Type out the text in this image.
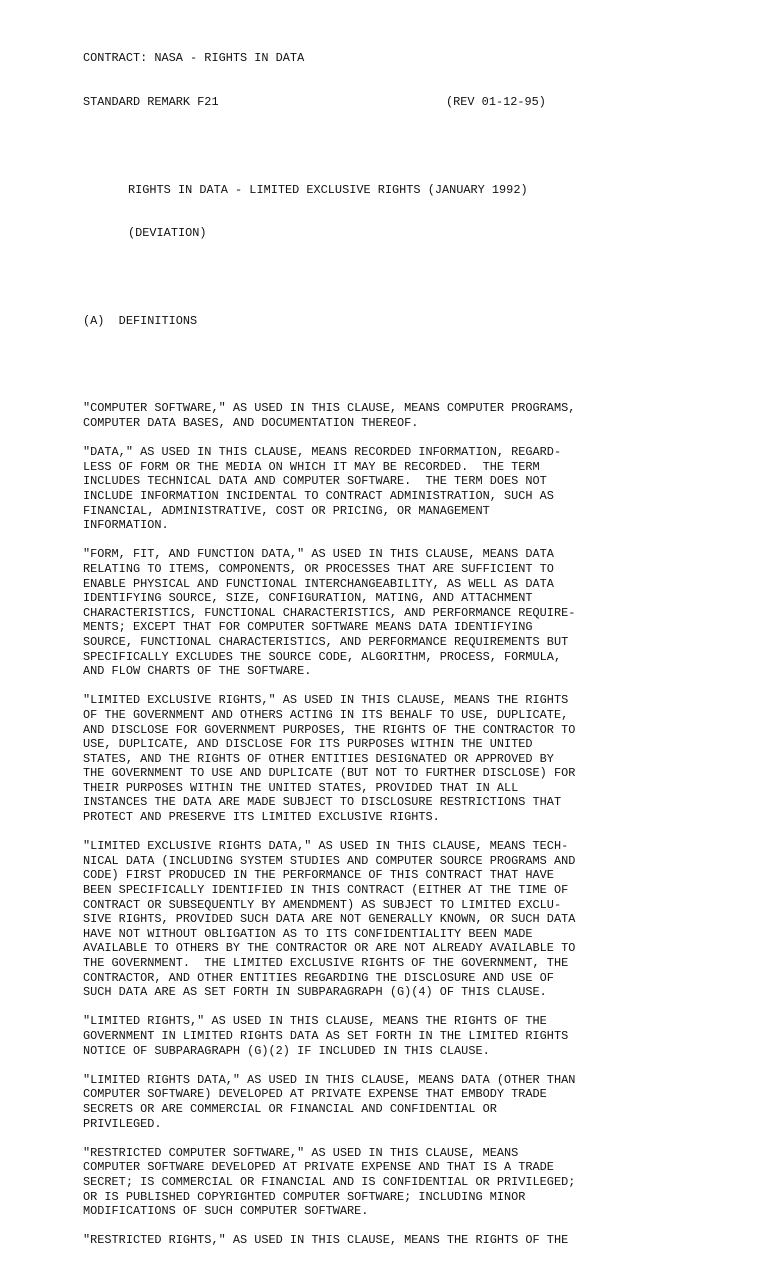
CONTRACT: NASA - RIGHTS IN DATA

STANDARD REMARK F21	(REV 01-12-95)

RIGHTS IN DATA - LIMITED EXCLUSIVE RIGHTS (JANUARY 1992)

(DEVIATION)

(A)  DEFINITIONS

"COMPUTER SOFTWARE," AS USED IN THIS CLAUSE, MEANS COMPUTER PROGRAMS,
COMPUTER DATA BASES, AND DOCUMENTATION THEREOF.
"DATA," AS USED IN THIS CLAUSE, MEANS RECORDED INFORMATION, REGARD-
LESS OF FORM OR THE MEDIA ON WHICH IT MAY BE RECORDED.  THE TERM
INCLUDES TECHNICAL DATA AND COMPUTER SOFTWARE.  THE TERM DOES NOT
INCLUDE INFORMATION INCIDENTAL TO CONTRACT ADMINISTRATION, SUCH AS
FINANCIAL, ADMINISTRATIVE, COST OR PRICING, OR MANAGEMENT
INFORMATION.
"FORM, FIT, AND FUNCTION DATA," AS USED IN THIS CLAUSE, MEANS DATA
RELATING TO ITEMS, COMPONENTS, OR PROCESSES THAT ARE SUFFICIENT TO
ENABLE PHYSICAL AND FUNCTIONAL INTERCHANGEABILITY, AS WELL AS DATA
IDENTIFYING SOURCE, SIZE, CONFIGURATION, MATING, AND ATTACHMENT
CHARACTERISTICS, FUNCTIONAL CHARACTERISTICS, AND PERFORMANCE REQUIRE-
MENTS; EXCEPT THAT FOR COMPUTER SOFTWARE MEANS DATA IDENTIFYING
SOURCE, FUNCTIONAL CHARACTERISTICS, AND PERFORMANCE REQUIREMENTS BUT
SPECIFICALLY EXCLUDES THE SOURCE CODE, ALGORITHM, PROCESS, FORMULA,
AND FLOW CHARTS OF THE SOFTWARE.
"LIMITED EXCLUSIVE RIGHTS," AS USED IN THIS CLAUSE, MEANS THE RIGHTS
OF THE GOVERNMENT AND OTHERS ACTING IN ITS BEHALF TO USE, DUPLICATE,
AND DISCLOSE FOR GOVERNMENT PURPOSES, THE RIGHTS OF THE CONTRACTOR TO
USE, DUPLICATE, AND DISCLOSE FOR ITS PURPOSES WITHIN THE UNITED
STATES, AND THE RIGHTS OF OTHER ENTITIES DESIGNATED OR APPROVED BY
THE GOVERNMENT TO USE AND DUPLICATE (BUT NOT TO FURTHER DISCLOSE) FOR
THEIR PURPOSES WITHIN THE UNITED STATES, PROVIDED THAT IN ALL
INSTANCES THE DATA ARE MADE SUBJECT TO DISCLOSURE RESTRICTIONS THAT
PROTECT AND PRESERVE ITS LIMITED EXCLUSIVE RIGHTS.
"LIMITED EXCLUSIVE RIGHTS DATA," AS USED IN THIS CLAUSE, MEANS TECH-
NICAL DATA (INCLUDING SYSTEM STUDIES AND COMPUTER SOURCE PROGRAMS AND
CODE) FIRST PRODUCED IN THE PERFORMANCE OF THIS CONTRACT THAT HAVE
BEEN SPECIFICALLY IDENTIFIED IN THIS CONTRACT (EITHER AT THE TIME OF
CONTRACT OR SUBSEQUENTLY BY AMENDMENT) AS SUBJECT TO LIMITED EXCLU-
SIVE RIGHTS, PROVIDED SUCH DATA ARE NOT GENERALLY KNOWN, OR SUCH DATA
HAVE NOT WITHOUT OBLIGATION AS TO ITS CONFIDENTIALITY BEEN MADE
AVAILABLE TO OTHERS BY THE CONTRACTOR OR ARE NOT ALREADY AVAILABLE TO
THE GOVERNMENT.  THE LIMITED EXCLUSIVE RIGHTS OF THE GOVERNMENT, THE
CONTRACTOR, AND OTHER ENTITIES REGARDING THE DISCLOSURE AND USE OF
SUCH DATA ARE AS SET FORTH IN SUBPARAGRAPH (G)(4) OF THIS CLAUSE.
"LIMITED RIGHTS," AS USED IN THIS CLAUSE, MEANS THE RIGHTS OF THE
GOVERNMENT IN LIMITED RIGHTS DATA AS SET FORTH IN THE LIMITED RIGHTS
NOTICE OF SUBPARAGRAPH (G)(2) IF INCLUDED IN THIS CLAUSE.
"LIMITED RIGHTS DATA," AS USED IN THIS CLAUSE, MEANS DATA (OTHER THAN
COMPUTER SOFTWARE) DEVELOPED AT PRIVATE EXPENSE THAT EMBODY TRADE
SECRETS OR ARE COMMERCIAL OR FINANCIAL AND CONFIDENTIAL OR
PRIVILEGED.
"RESTRICTED COMPUTER SOFTWARE," AS USED IN THIS CLAUSE, MEANS
COMPUTER SOFTWARE DEVELOPED AT PRIVATE EXPENSE AND THAT IS A TRADE
SECRET; IS COMMERCIAL OR FINANCIAL AND IS CONFIDENTIAL OR PRIVILEGED;
OR IS PUBLISHED COPYRIGHTED COMPUTER SOFTWARE; INCLUDING MINOR
MODIFICATIONS OF SUCH COMPUTER SOFTWARE.
"RESTRICTED RIGHTS," AS USED IN THIS CLAUSE, MEANS THE RIGHTS OF THE
